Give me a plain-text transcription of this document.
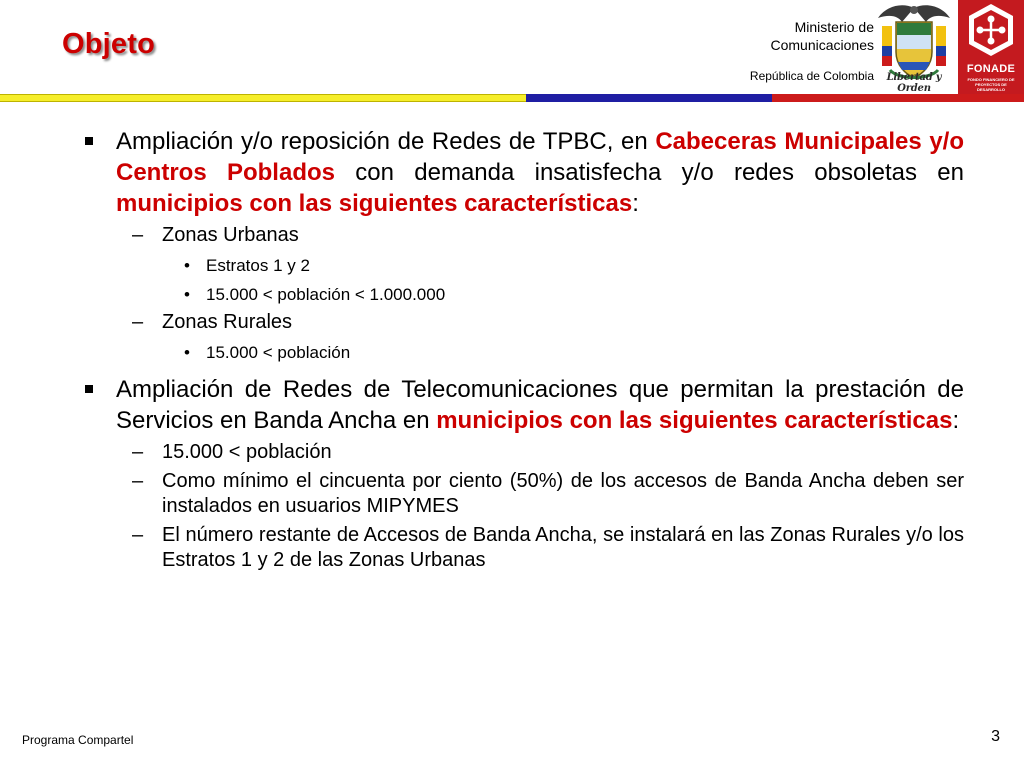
Objeto
Ministerio de
Comunicaciones
República de Colombia	Libertad y Orden
FONADE
FONDO FINANCIERO DE PROYECTOS DE DESARROLLO
Ampliación y/o reposición de Redes de TPBC, en Cabeceras Municipales y/o Centros Poblados con demanda insatisfecha y/o redes obsoletas en municipios con las siguientes características:
– Zonas Urbanas
• Estratos 1 y 2
• 15.000 < población < 1.000.000
– Zonas Rurales
• 15.000 < población
Ampliación de Redes de Telecomunicaciones que permitan la prestación de Servicios en Banda Ancha en municipios con las siguientes características:
– 15.000 < población
– Como mínimo el cincuenta por ciento (50%) de los accesos de Banda Ancha deben ser instalados en usuarios MIPYMES
– El número restante de Accesos de Banda Ancha, se instalará en las Zonas Rurales y/o los Estratos 1 y 2 de las Zonas Urbanas
Programa Compartel	3
